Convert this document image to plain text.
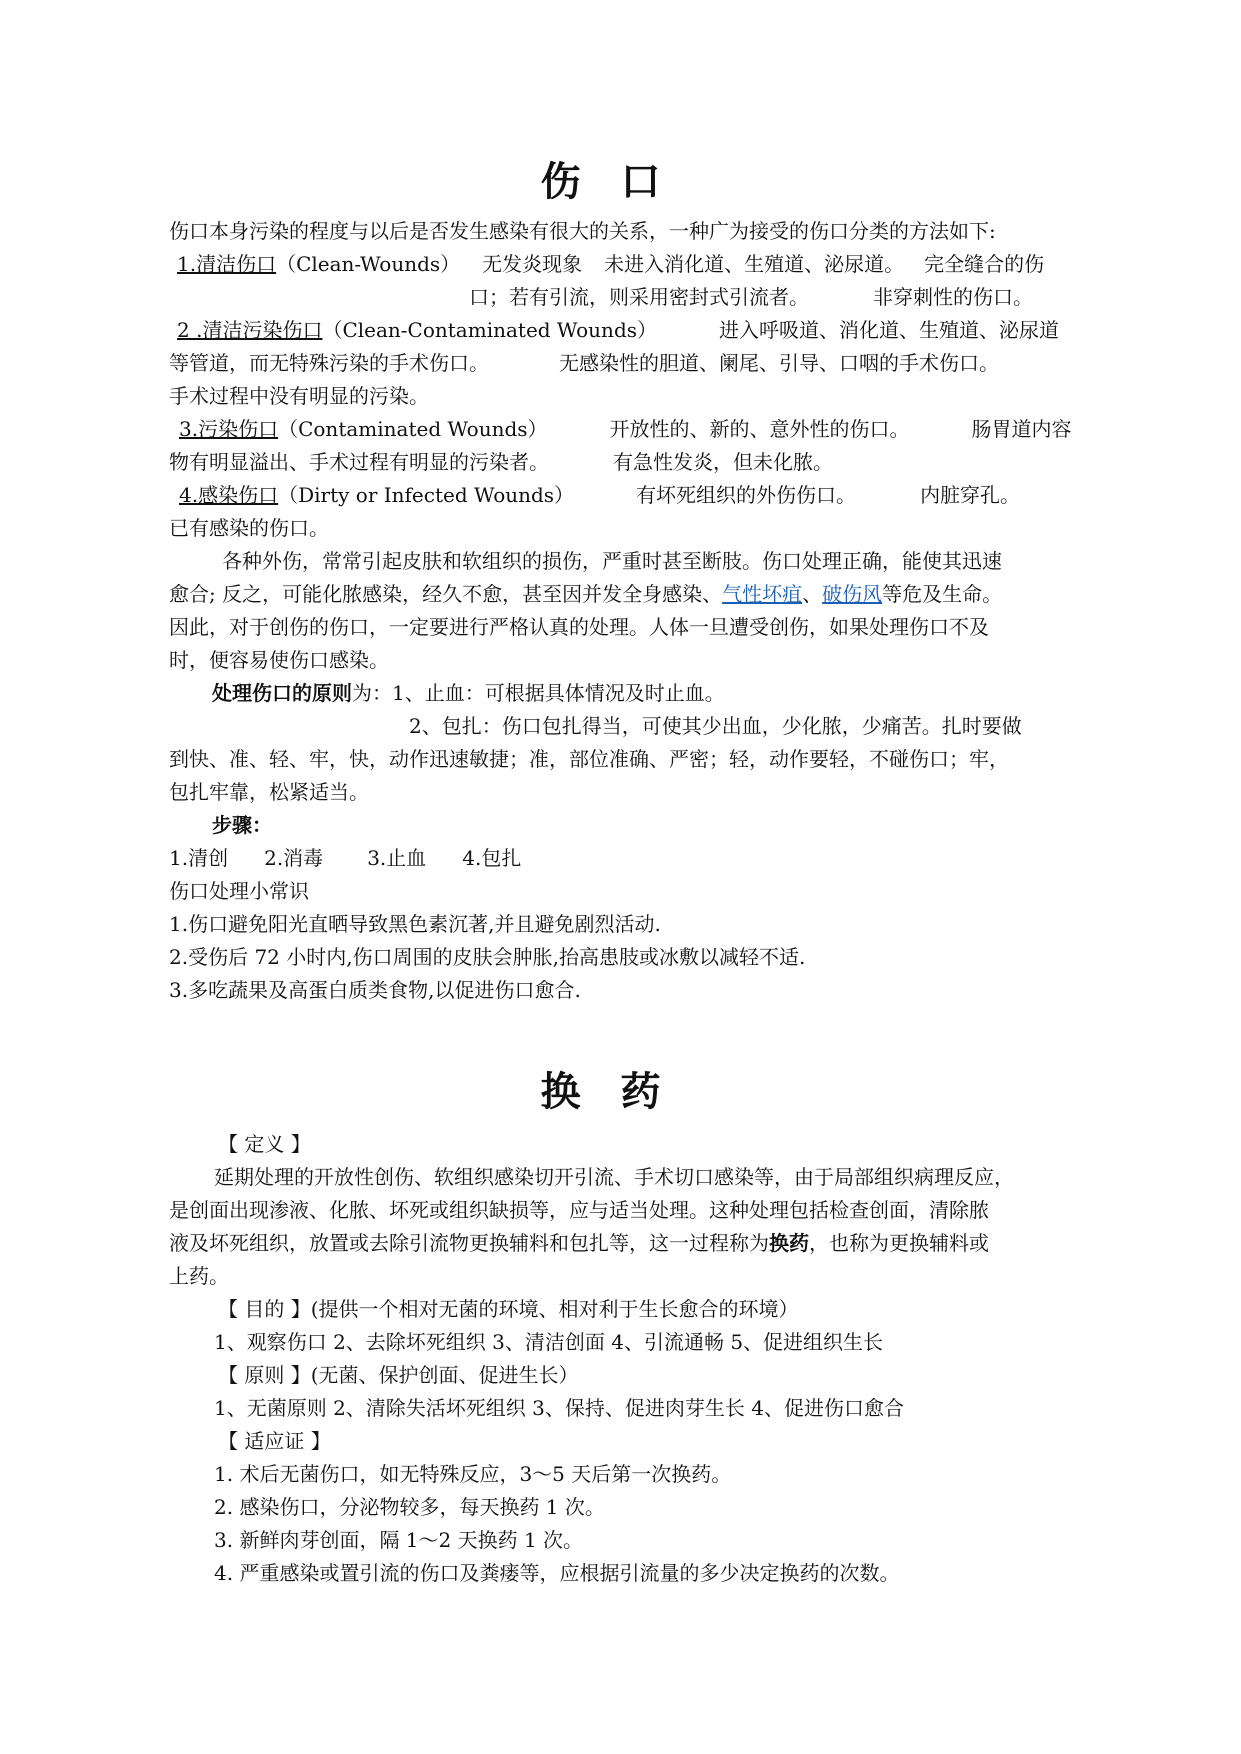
伤口
伤口本身污染的程度与以后是否发生感染有很大的关系，一种广为接受的伤口分类的方法如下:
1.清洁伤口（Clean-Wounds） 无发炎现象 未进入消化道、生殖道、泌尿道。 完全缝合的伤
口；若有引流，则采用密封式引流者。	非穿刺性的伤口。
2 .清洁污染伤口（Clean-Contaminated Wounds）	进入呼吸道、消化道、生殖道、泌尿道
等管道，而无特殊污染的手术伤口。	无感染性的胆道、阑尾、引导、口咽的手术伤口。
手术过程中没有明显的污染。
3.污染伤口（Contaminated Wounds）	开放性的、新的、意外性的伤口。	肠胃道内容
物有明显溢出、手术过程有明显的污染者。	有急性发炎，但未化脓。
4.感染伤口（Dirty or Infected Wounds）	有坏死组织的外伤伤口。	内脏穿孔。
已有感染的伤口。
各种外伤，常常引起皮肤和软组织的损伤，严重时甚至断肢。伤口处理正确，能使其迅速
愈合; 反之，可能化脓感染，经久不愈，甚至因并发全身感染、气性坏疽、破伤风等危及生命。
因此，对于创伤的伤口，一定要进行严格认真的处理。人体一旦遭受创伤，如果处理伤口不及
时，便容易使伤口感染。
处理伤口的原则为：1、止血：可根据具体情况及时止血。
2、包扎：伤口包扎得当，可使其少出血，少化脓，少痛苦。扎时要做
到快、准、轻、牢，快，动作迅速敏捷；准，部位准确、严密；轻，动作要轻，不碰伤口；牢，
包扎牢靠，松紧适当。
步骤：
1.清创 2.消毒 3.止血 4.包扎
伤口处理小常识
1.伤口避免阳光直晒导致黑色素沉著,并且避免剧烈活动.
2.受伤后 72 小时内,伤口周围的皮肤会肿胀,抬高患肢或冰敷以减轻不适.
3.多吃蔬果及高蛋白质类食物,以促进伤口愈合.
换药
【 定义 】
延期处理的开放性创伤、软组织感染切开引流、手术切口感染等，由于局部组织病理反应，
是创面出现渗液、化脓、坏死或组织缺损等，应与适当处理。这种处理包括检查创面，清除脓
液及坏死组织，放置或去除引流物更换辅料和包扎等，这一过程称为换药，也称为更换辅料或
上药。
【 目的 】(提供一个相对无菌的环境、相对利于生长愈合的环境）
1、观察伤口 2、去除坏死组织 3、清洁创面 4、引流通畅 5、促进组织生长
【 原则 】(无菌、保护创面、促进生长）
1、无菌原则 2、清除失活坏死组织 3、保持、促进肉芽生长 4、促进伤口愈合
【 适应证 】
1. 术后无菌伤口，如无特殊反应，3～5 天后第一次换药。
2. 感染伤口，分泌物较多，每天换药 1 次。
3. 新鲜肉芽创面，隔 1～2 天换药 1 次。
4. 严重感染或置引流的伤口及粪瘘等，应根据引流量的多少决定换药的次数。
